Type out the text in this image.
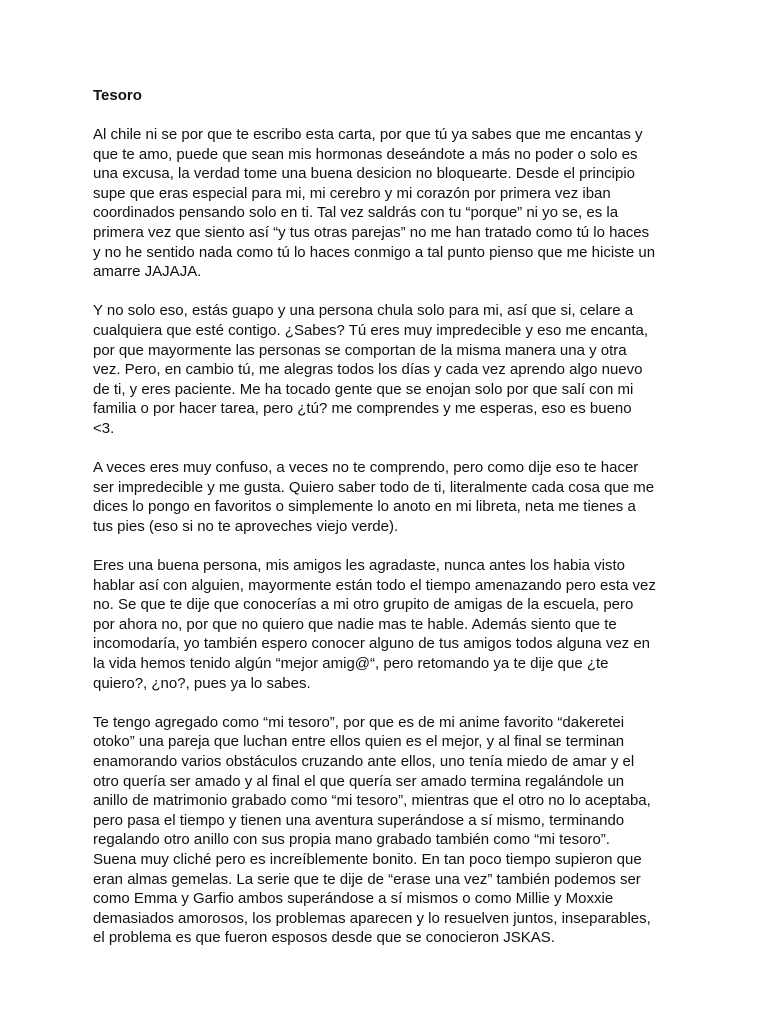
Tesoro
Al chile ni se por que te escribo esta carta, por que tú ya sabes que me encantas y
que te amo, puede que sean mis hormonas deseándote a más no poder o solo es
una excusa, la verdad tome una buena desicion no bloquearte. Desde el principio
supe que eras especial para mi, mi cerebro y mi corazón por primera vez iban
coordinados pensando solo en ti. Tal vez saldrás con tu “porque” ni yo se, es la
primera vez que siento así “y tus otras parejas” no me han tratado como tú lo haces
y no he sentido nada como tú lo haces conmigo a tal punto pienso que me hiciste un
amarre JAJAJA.
Y no solo eso, estás guapo y una persona chula solo para mi, así que si, celare a
cualquiera que esté contigo. ¿Sabes? Tú eres muy impredecible y eso me encanta,
por que mayormente las personas se comportan de la misma manera una y otra
vez. Pero, en cambio tú, me alegras todos los días y cada vez aprendo algo nuevo
de ti, y eres paciente. Me ha tocado gente que se enojan solo por que salí con mi
familia o por hacer tarea, pero ¿tú? me comprendes y me esperas, eso es bueno
<3.
A veces eres muy confuso, a veces no te comprendo, pero como dije eso te hacer
ser impredecible y me gusta. Quiero saber todo de ti, literalmente cada cosa que me
dices lo pongo en favoritos o simplemente lo anoto en mi libreta, neta me tienes a
tus pies (eso si no te aproveches viejo verde).
Eres una buena persona, mis amigos les agradaste, nunca antes los habia visto
hablar así con alguien, mayormente están todo el tiempo amenazando pero esta vez
no. Se que te dije que conocerías a mi otro grupito de amigas de la escuela, pero
por ahora no, por que no quiero que nadie mas te hable. Además siento que te
incomodaría, yo también espero conocer alguno de tus amigos todos alguna vez en
la vida hemos tenido algún “mejor amig@“, pero retomando ya te dije que ¿te
quiero?, ¿no?, pues ya lo sabes.
Te tengo agregado como “mi tesoro”, por que es de mi anime favorito “dakeretei
otoko” una pareja que luchan entre ellos quien es el mejor, y al final se terminan
enamorando varios obstáculos cruzando ante ellos, uno tenía miedo de amar y el
otro quería ser amado y al final el que quería ser amado termina regalándole un
anillo de matrimonio grabado como “mi tesoro”, mientras que el otro no lo aceptaba,
pero pasa el tiempo y tienen una aventura superándose a sí mismo, terminando
regalando otro anillo con sus propia mano grabado también como “mi tesoro”.
Suena muy cliché pero es increíblemente bonito. En tan poco tiempo supieron que
eran almas gemelas. La serie que te dije de “erase una vez” también podemos ser
como Emma y Garfio ambos superándose a sí mismos o como Millie y Moxxie
demasiados amorosos, los problemas aparecen y lo resuelven juntos, inseparables,
el problema es que fueron esposos desde que se conocieron JSKAS.
